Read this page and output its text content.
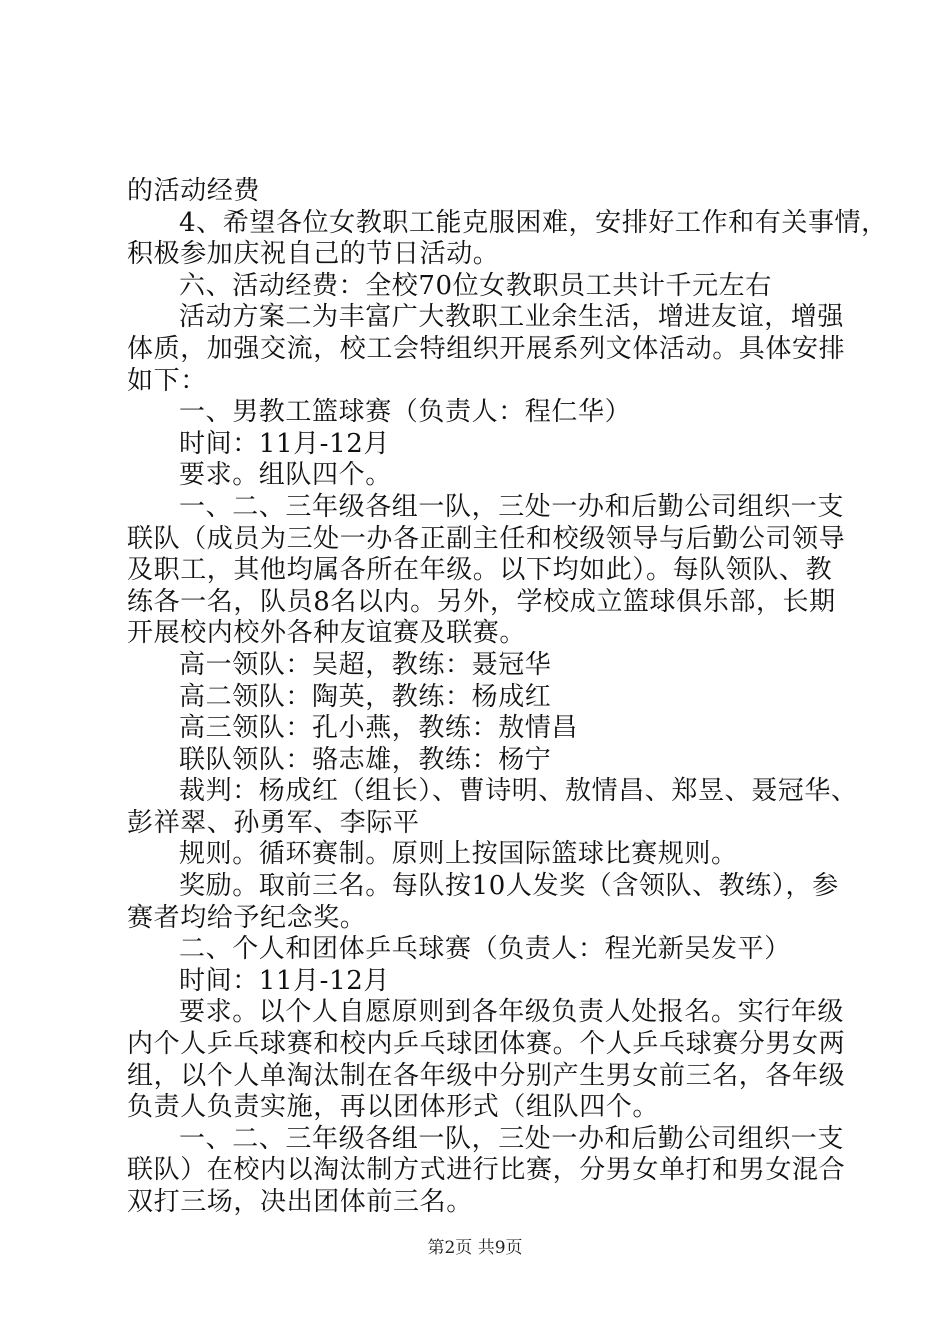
的活动经费
4、希望各位女教职工能克服困难，安排好工作和有关事情，
积极参加庆祝自己的节日活动。
六、活动经费：全校70位女教职员工共计千元左右
活动方案二为丰富广大教职工业余生活，增进友谊，增强
体质，加强交流，校工会特组织开展系列文体活动。具体安排
如下：
一、男教工篮球赛（负责人：程仁华）
时间：11月-12月
要求。组队四个。
一、二、三年级各组一队，三处一办和后勤公司组织一支
联队（成员为三处一办各正副主任和校级领导与后勤公司领导
及职工，其他均属各所在年级。以下均如此）。每队领队、教
练各一名，队员8名以内。另外，学校成立篮球俱乐部，长期
开展校内校外各种友谊赛及联赛。
高一领队：吴超，教练：聂冠华
高二领队：陶英，教练：杨成红
高三领队：孔小燕，教练：敖情昌
联队领队：骆志雄，教练：杨宁
裁判：杨成红（组长）、曹诗明、敖情昌、郑昱、聂冠华、
彭祥翠、孙勇军、李际平
规则。循环赛制。原则上按国际篮球比赛规则。
奖励。取前三名。每队按10人发奖（含领队、教练），参
赛者均给予纪念奖。
二、个人和团体乒乓球赛（负责人：程光新吴发平）
时间：11月-12月
要求。以个人自愿原则到各年级负责人处报名。实行年级
内个人乒乓球赛和校内乒乓球团体赛。个人乒乓球赛分男女两
组，以个人单淘汰制在各年级中分别产生男女前三名，各年级
负责人负责实施，再以团体形式（组队四个。
一、二、三年级各组一队，三处一办和后勤公司组织一支
联队）在校内以淘汰制方式进行比赛，分男女单打和男女混合
双打三场，决出团体前三名。
第2页 共9页
